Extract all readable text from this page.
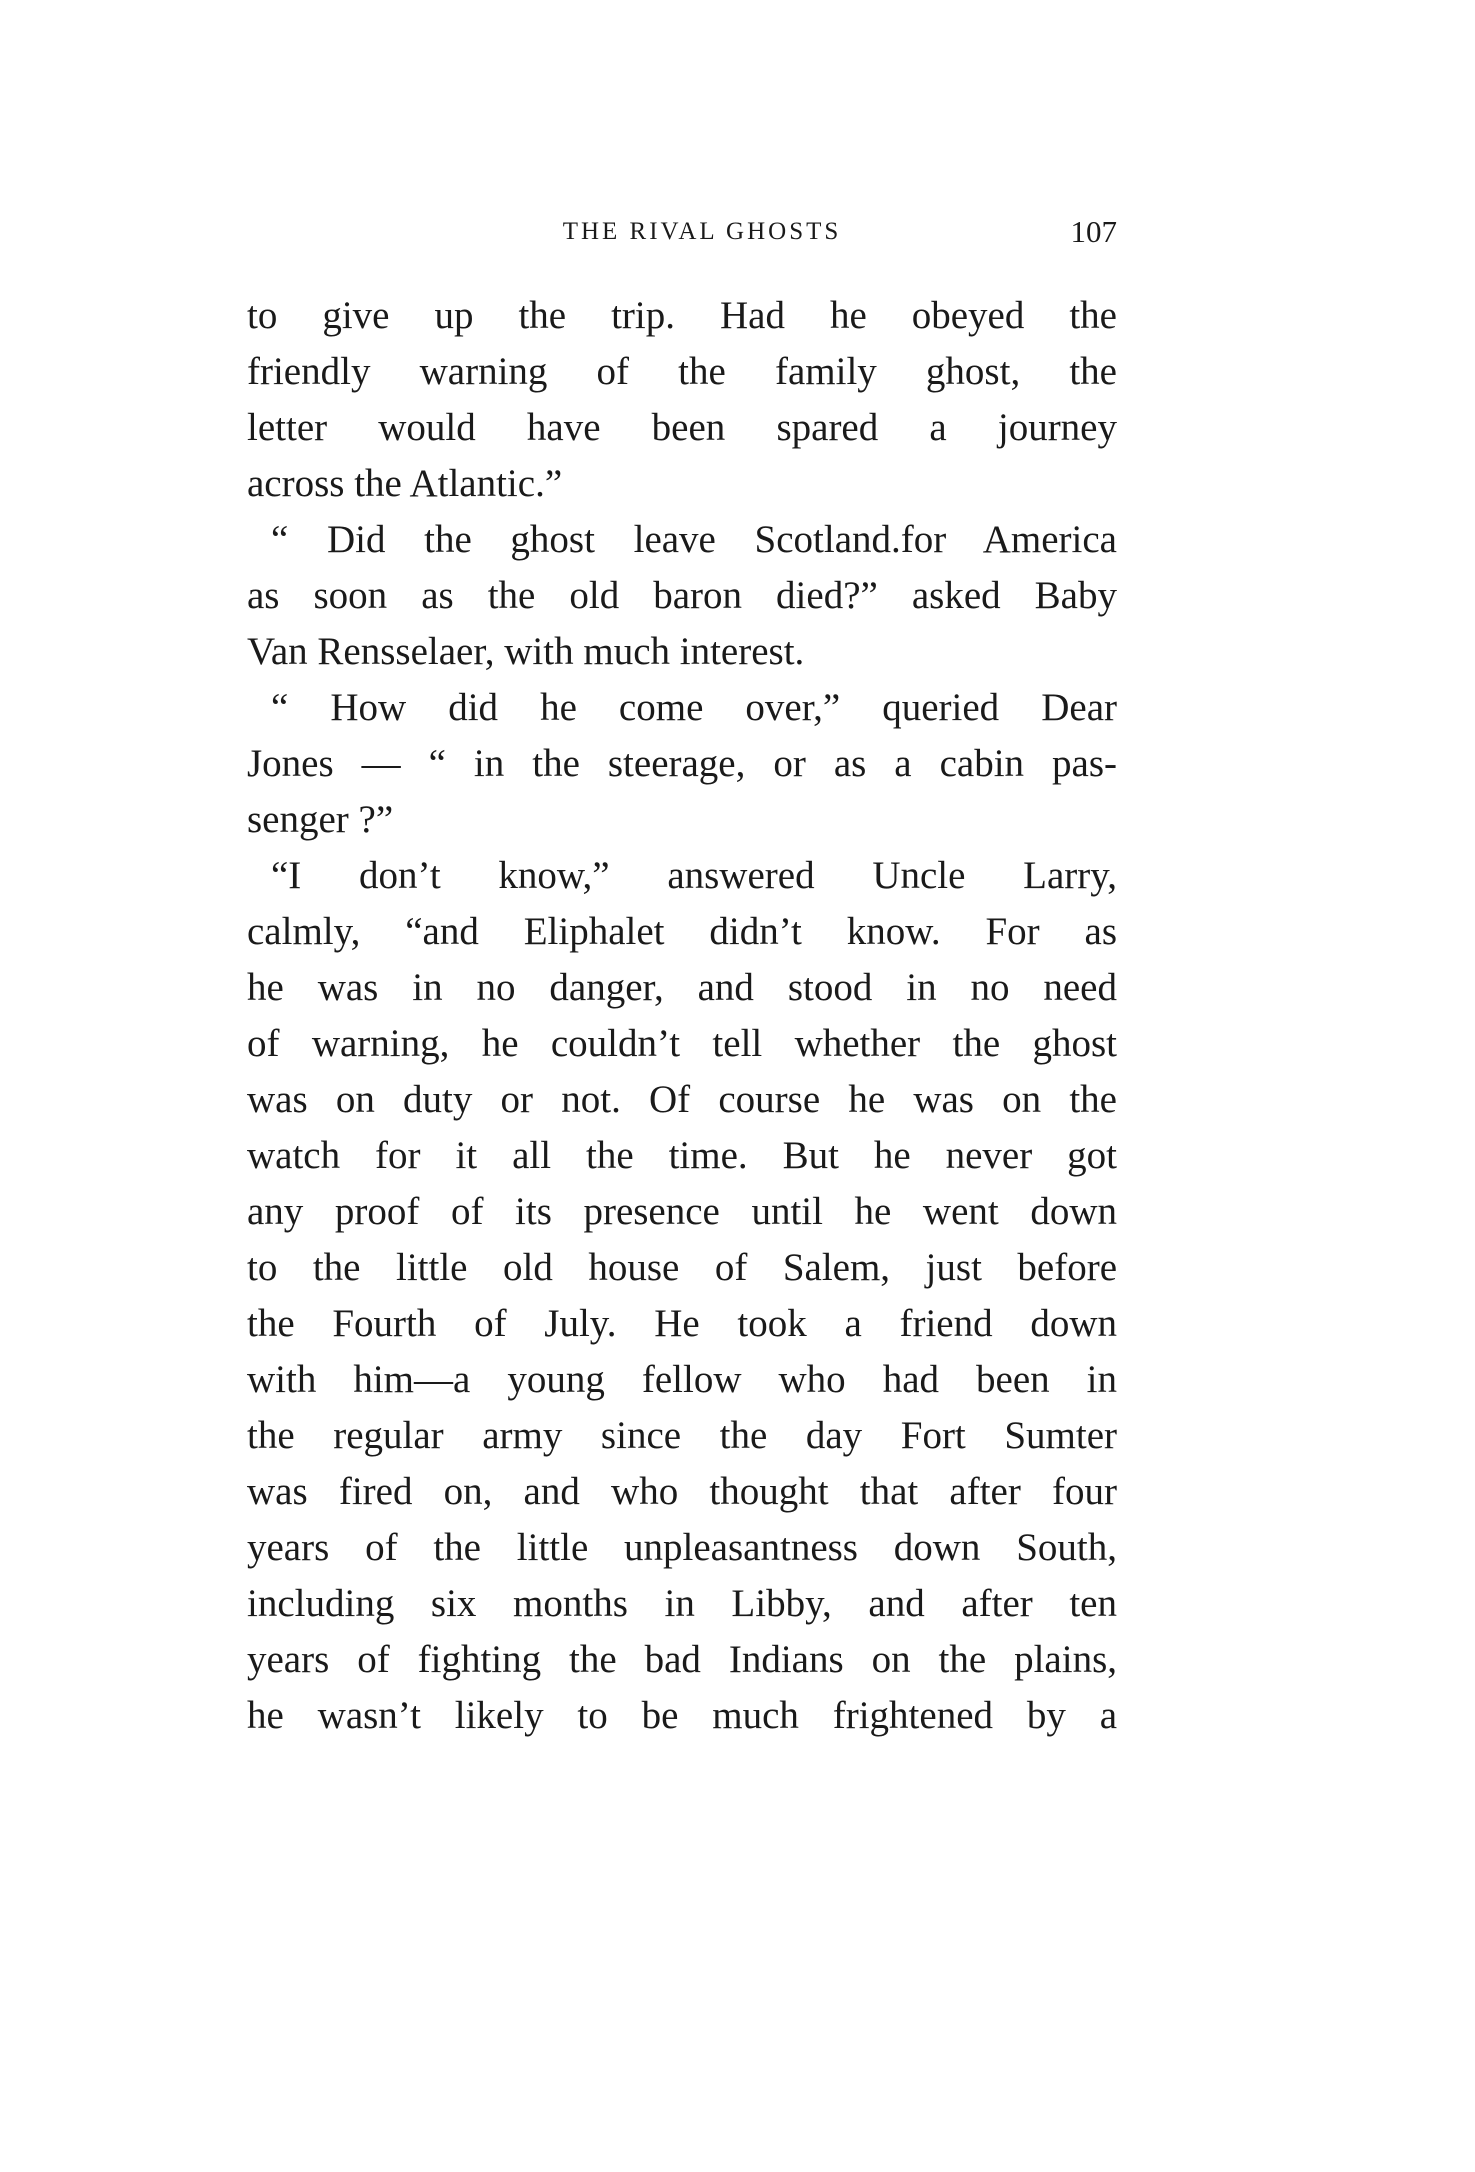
THE RIVAL GHOSTS	107
to give up the trip. Had he obeyed the
friendly warning of the family ghost, the
letter would have been spared a journey
across the Atlantic.”
“ Did the ghost leave Scotland.for America
as soon as the old baron died?” asked Baby
Van Rensselaer, with much interest.
“ How did he come over,” queried Dear
Jones — “ in the steerage, or as a cabin pas-
senger ?”
“I don’t know,” answered Uncle Larry,
calmly, “and Eliphalet didn’t know. For as
he was in no danger, and stood in no need
of warning, he couldn’t tell whether the ghost
was on duty or not. Of course he was on the
watch for it all the time. But he never got
any proof of its presence until he went down
to the little old house of Salem, just before
the Fourth of July. He took a friend down
with him—a young fellow who had been in
the regular army since the day Fort Sumter
was fired on, and who thought that after four
years of the little unpleasantness down South,
including six months in Libby, and after ten
years of fighting the bad Indians on the plains,
he wasn’t likely to be much frightened by a
